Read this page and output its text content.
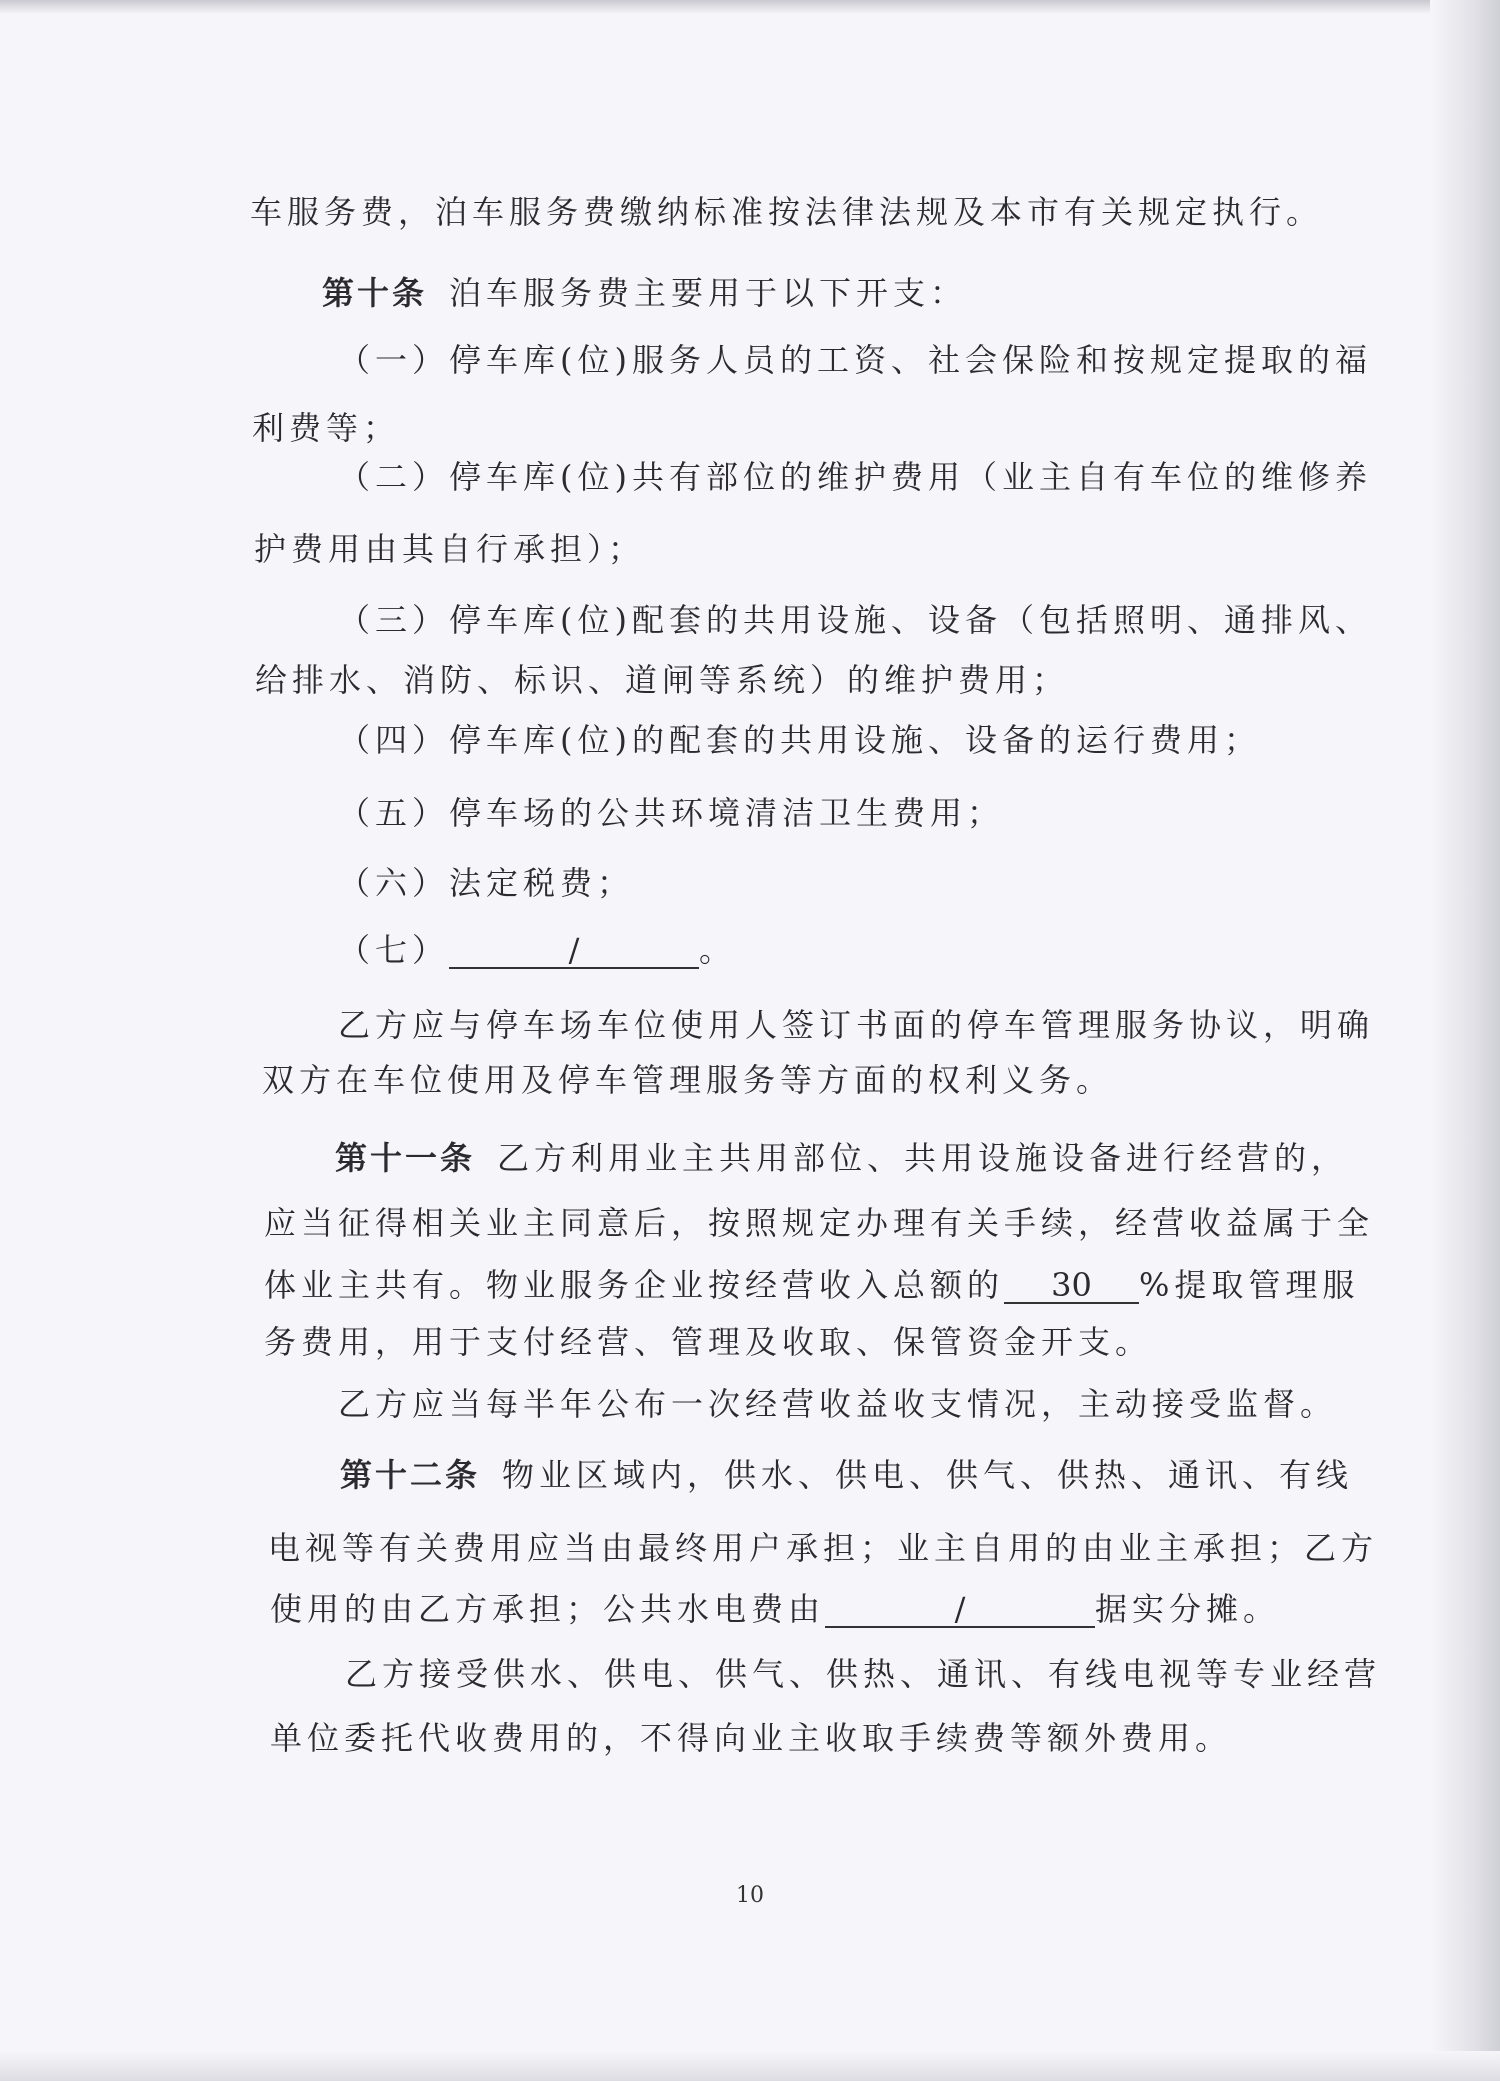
车服务费，泊车服务费缴纳标准按法律法规及本市有关规定执行。
第十条 泊车服务费主要用于以下开支：
（一）停车库(位)服务人员的工资、社会保险和按规定提取的福
利费等；
（二）停车库(位)共有部位的维护费用（业主自有车位的维修养
护费用由其自行承担）；
（三）停车库(位)配套的共用设施、设备（包括照明、通排风、
给排水、消防、标识、道闸等系统）的维护费用；
（四）停车库(位)的配套的共用设施、设备的运行费用；
（五）停车场的公共环境清洁卫生费用；
（六）法定税费；
（七）	/	。
乙方应与停车场车位使用人签订书面的停车管理服务协议，明确
双方在车位使用及停车管理服务等方面的权利义务。
第十一条 乙方利用业主共用部位、共用设施设备进行经营的，
应当征得相关业主同意后，按照规定办理有关手续，经营收益属于全
体业主共有。物业服务企业按经营收入总额的 30 %提取管理服
务费用，用于支付经营、管理及收取、保管资金开支。
乙方应当每半年公布一次经营收益收支情况，主动接受监督。
第十二条 物业区域内，供水、供电、供气、供热、通讯、有线
电视等有关费用应当由最终用户承担；业主自用的由业主承担；乙方
使用的由乙方承担；公共水电费由	/	据实分摊。
乙方接受供水、供电、供气、供热、通讯、有线电视等专业经营
单位委托代收费用的，不得向业主收取手续费等额外费用。
10
